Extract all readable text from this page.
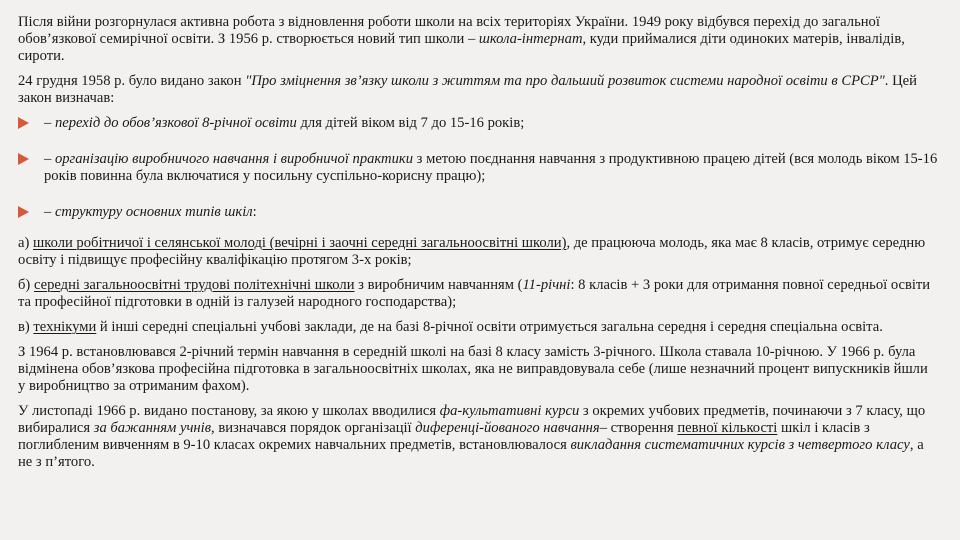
Після війни розгорнулася активна робота з відновлення роботи школи на всіх територіях України. 1949 року відбувся перехід до загальної обов’язкової семирічної освіти. З 1956 р. створюється новий тип школи – школа-інтернат, куди приймалися діти одиноких матерів, інвалідів, сироти.

24 грудня 1958 р. було видано закон "Про зміцнення зв’язку школи з життям та про дальший розвиток системи народної освіти в СРСР". Цей закон визначав:

– перехід до обов’язкової 8-річної освіти для дітей віком від 7 до 15-16 років;
– організацію виробничого навчання і виробничої практики з метою поєднання навчання з продуктивною працею дітей (вся молодь віком 15-16 років повинна була включатися у посильну суспільно-корисну працю);
– структуру основних типів шкіл:

а) школи робітничої і селянської молоді (вечірні і заочні середні загальноосвітні школи), де працююча молодь, яка має 8 класів, отримує середню освіту і підвищує професійну кваліфікацію протягом 3-х років;

б) середні загальноосвітні трудові політехнічні школи з виробничим навчанням (11-річні: 8 класів + 3 роки для отримання повної середньої освіти та професійної підготовки в одній із галузей народного господарства);

в) технікуми й інші середні спеціальні учбові заклади, де на базі 8-річної освіти отримується загальна середня і середня спеціальна освіта.

З 1964 р. встановлювався 2-річний термін навчання в середній школі на базі 8 класу замість 3-річного. Школа ставала 10-річною. У 1966 р. була відмінена обов’язкова професійна підготовка в загальноосвітніх школах, яка не виправдовувала себе (лише незначний процент випускників йшли у виробництво за отриманим фахом).

У листопаді 1966 р. видано постанову, за якою у школах вводилися фа-культативні курси з окремих учбових предметів, починаючи з 7 класу, що вибиралися за бажанням учнів, визначався порядок організації диференці-йованого навчання– створення певної кількості шкіл і класів з поглибленим вивченням в 9-10 класах окремих навчальних предметів, встановлювалося викладання систематичних курсів з четвертого класу, а не з п’ятого.
